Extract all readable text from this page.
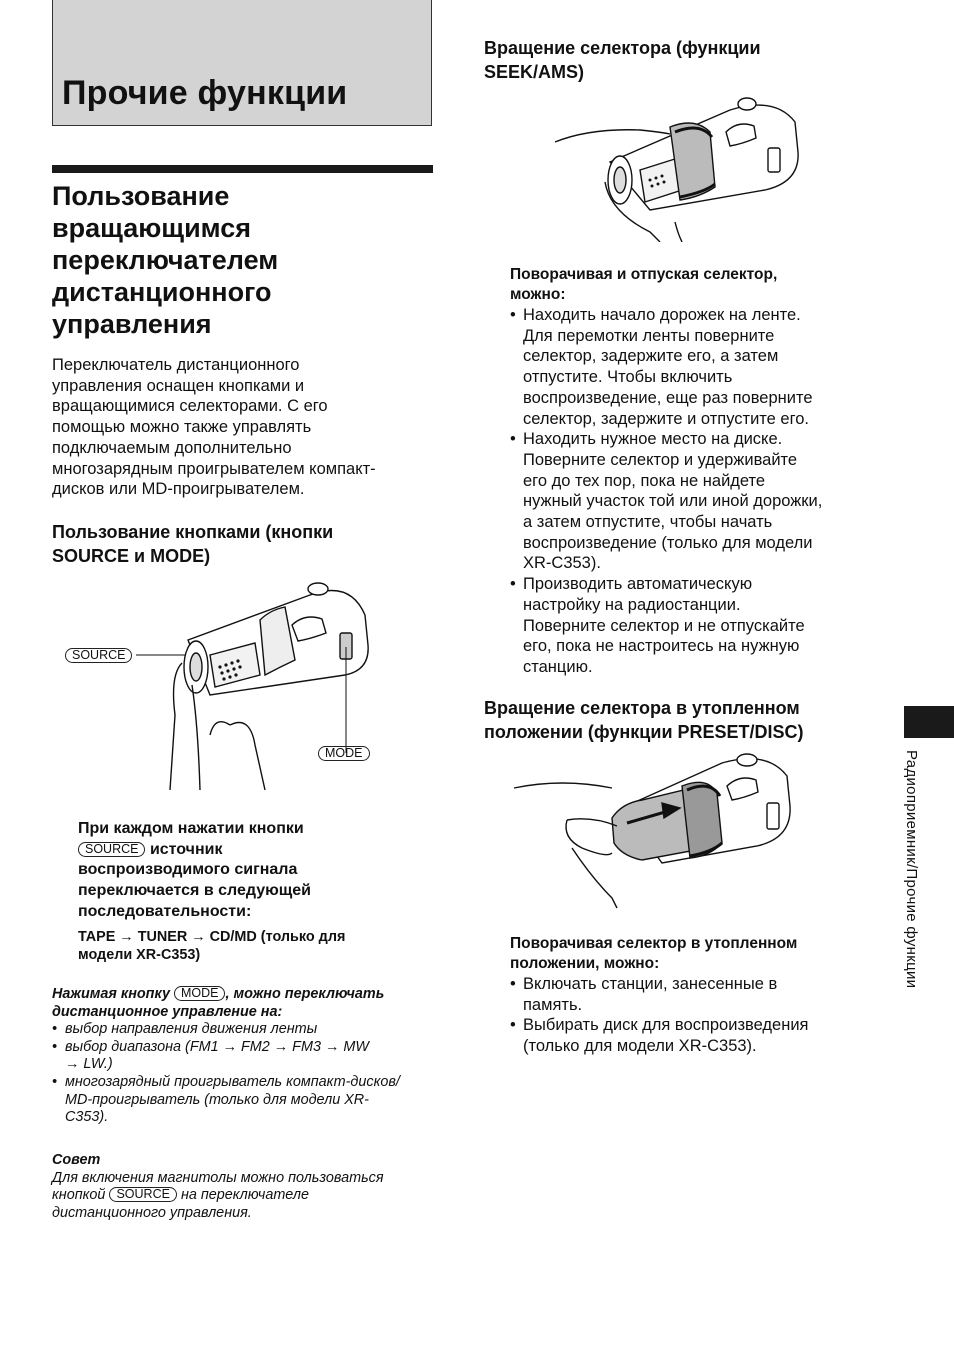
Прочие функции
Пользование
вращающимся
переключателем
дистанционного
управления
Переключатель дистанционного
управления оснащен кнопками и
вращающимися селекторами. С его
помощью можно также управлять
подключаемым дополнительно
многозарядным проигрывателем компакт-
дисков или MD-проигрывателем.
Пользование кнопками (кнопки
SOURCE и MODE)
SOURCE
MODE
При каждом нажатии кнопки
SOURCE источник
воспроизводимого сигнала
переключается в следующей
последовательности:
TAPE → TUNER → CD/MD (только для
модели XR-C353)
Нажимая кнопку MODE , можно переключать
дистанционное управление на:
• выбор направления движения ленты
• выбор диапазона (FM1 → FM2 → FM3 → MW
→ LW.)
• многозарядный проигрыватель компакт-дисков/
MD-проигрыватель (только для модели XR-
C353).
Совет
Для включения магнитолы можно пользоваться
кнопкой SOURCE на переключателе
дистанционного управления.
Вращение селектора (функции
SEEK/AMS)
Поворачивая и отпуская селектор,
можно:
• Находить начало дорожек на ленте.
Для перемотки ленты поверните
селектор, задержите его, а затем
отпустите. Чтобы включить
воспроизведение, еще раз поверните
селектор, задержите и отпустите его.
• Находить нужное место на диске.
Поверните селектор и удерживайте
его до тех пор, пока не найдете
нужный участок той или иной дорожки,
а затем отпустите, чтобы начать
воспроизведение (только для модели
XR-C353).
• Производить автоматическую
настройку на радиостанции.
Поверните селектор и не отпускайте
его, пока не настроитесь на нужную
станцию.
Вращение селектора в утопленном
положении (функции PRESET/DISC)
Поворачивая селектор в утопленном
положении, можно:
• Включать станции, занесенные в
память.
• Выбирать диск для воспроизведения
(только для модели XR-C353).
Радиоприемник/Прочие функции
